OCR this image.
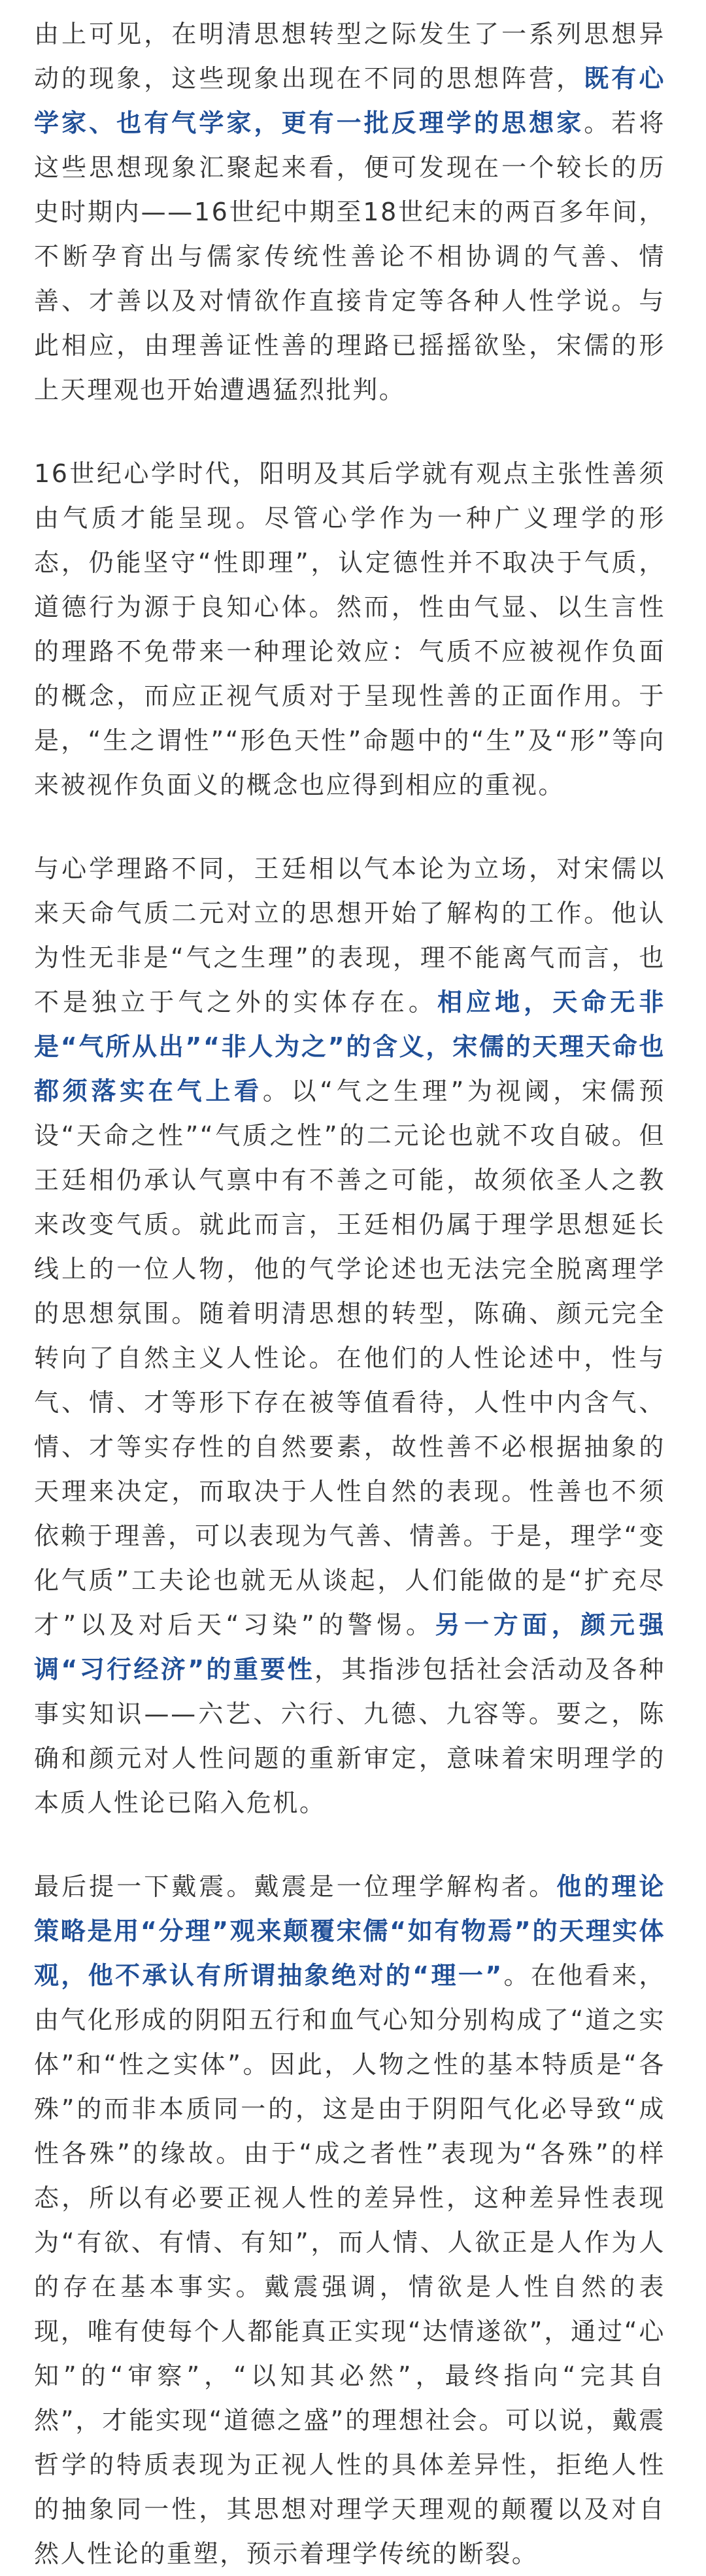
由上可见，在明清思想转型之际发生了一系列思想异动的现象，这些现象出现在不同的思想阵营，既有心学家、也有气学家，更有一批反理学的思想家。若将这些思想现象汇聚起来看，便可发现在一个较长的历史时期内——16世纪中期至18世纪末的两百多年间，不断孕育出与儒家传统性善论不相协调的气善、情善、才善以及对情欲作直接肯定等各种人性学说。与此相应，由理善证性善的理路已摇摇欲坠，宋儒的形上天理观也开始遭遇猛烈批判。

16世纪心学时代，阳明及其后学就有观点主张性善须由气质才能呈现。尽管心学作为一种广义理学的形态，仍能坚守“性即理”，认定德性并不取决于气质，道德行为源于良知心体。然而，性由气显、以生言性的理路不免带来一种理论效应：气质不应被视作负面的概念，而应正视气质对于呈现性善的正面作用。于是，“生之谓性”“形色天性”命题中的“生”及“形”等向来被视作负面义的概念也应得到相应的重视。

与心学理路不同，王廷相以气本论为立场，对宋儒以来天命气质二元对立的思想开始了解构的工作。他认为性无非是“气之生理”的表现，理不能离气而言，也不是独立于气之外的实体存在。相应地，天命无非是“气所从出”“非人为之”的含义，宋儒的天理天命也都须落实在气上看。以“气之生理”为视阈，宋儒预设“天命之性”“气质之性”的二元论也就不攻自破。但王廷相仍承认气禀中有不善之可能，故须依圣人之教来改变气质。就此而言，王廷相仍属于理学思想延长线上的一位人物，他的气学论述也无法完全脱离理学的思想氛围。随着明清思想的转型，陈确、颜元完全转向了自然主义人性论。在他们的人性论述中，性与气、情、才等形下存在被等值看待，人性中内含气、情、才等实存性的自然要素，故性善不必根据抽象的天理来决定，而取决于人性自然的表现。性善也不须依赖于理善，可以表现为气善、情善。于是，理学“变化气质”工夫论也就无从谈起，人们能做的是“扩充尽才”以及对后天“习染”的警惕。另一方面，颜元强调“习行经济”的重要性，其指涉包括社会活动及各种事实知识——六艺、六行、九德、九容等。要之，陈确和颜元对人性问题的重新审定，意味着宋明理学的本质人性论已陷入危机。

最后提一下戴震。戴震是一位理学解构者。他的理论策略是用“分理”观来颠覆宋儒“如有物焉”的天理实体观，他不承认有所谓抽象绝对的“理一”。在他看来，由气化形成的阴阳五行和血气心知分别构成了“道之实体”和“性之实体”。因此，人物之性的基本特质是“各殊”的而非本质同一的，这是由于阴阳气化必导致“成性各殊”的缘故。由于“成之者性”表现为“各殊”的样态，所以有必要正视人性的差异性，这种差异性表现为“有欲、有情、有知”，而人情、人欲正是人作为人的存在基本事实。戴震强调，情欲是人性自然的表现，唯有使每个人都能真正实现“达情遂欲”，通过“心知”的“审察”，“以知其必然”，最终指向“完其自然”，才能实现“道德之盛”的理想社会。可以说，戴震哲学的特质表现为正视人性的具体差异性，拒绝人性的抽象同一性，其思想对理学天理观的颠覆以及对自然人性论的重塑，预示着理学传统的断裂。
